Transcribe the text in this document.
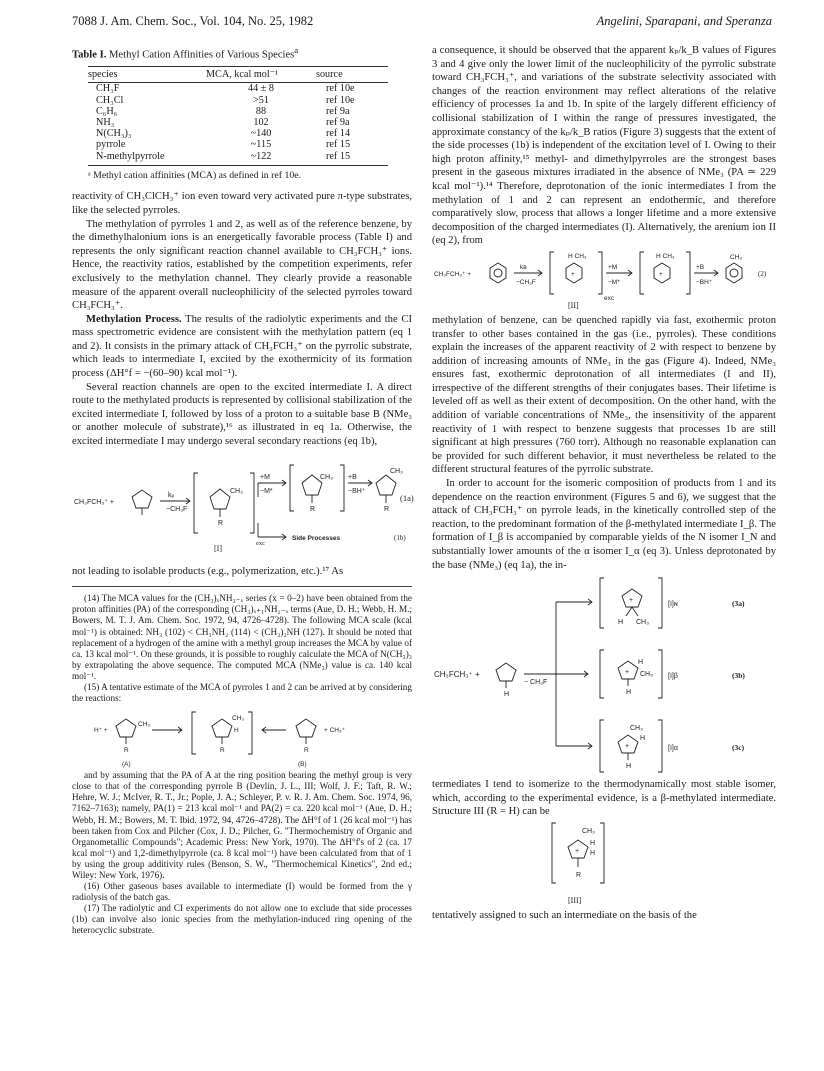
7088 J. Am. Chem. Soc., Vol. 104, No. 25, 1982	Angelini, Sparapani, and Speranza
Table I. Methyl Cation Affinities of Various Species$^a$
species	MCA, kcal mol⁻¹	source
CH₃F	44 ± 8	ref 10e
CH₃Cl	>51	ref 10e
C₆H₆	88	ref 9a
NH₃	102	ref 9a
N(CH₃)₃	~140	ref 14
pyrrole	~115	ref 15
N-methylpyrrole	~122	ref 15
ᵃ Methyl cation affinities (MCA) as defined in ref 10e.

reactivity of CH₃ClCH₃⁺ ion even toward very activated pure π-type substrates, like the selected pyrroles.

The methylation of pyrroles 1 and 2, as well as of the reference benzene, by the dimethylhalonium ions is an energetically favorable process (Table I) and represents the only significant reaction channel available to CH₃FCH₃⁺ ions. Hence, the reactivity ratios, established by the competition experiments, refer exclusively to the methylation channel. They clearly provide a reasonable measure of the apparent overall nucleophilicity of the selected pyrroles toward CH₃FCH₃⁺.

Methylation Process. The results of the radiolytic experiments and the CI mass spectrometric evidence are consistent with the methylation pattern (eq 1 and 2). It consists in the primary attack of CH₃FCH₃⁺ on the pyrrolic substrate, which leads to intermediate I, excited by the exothermicity of its formation process (ΔH°f = −(60–90) kcal mol⁻¹).

Several reaction channels are open to the excited intermediate I. A direct route to the methylated products is represented by collisional stabilization of the excited intermediate I, followed by loss of a proton to a suitable base B (NMe₃ or another molecule of substrate),¹⁶ as illustrated in eq 1a. Otherwise, the excited intermediate I may undergo several secondary reactions (eq 1b),

CH₃FCH₃⁺ +
kₚ
−CH₃F
CH₃
R
+M
−M*
CH₃ +B
−BH⁺
CH₃
R
R
(1a)
Side Processes	(1b)
[I]
exc

not leading to isolable products (e.g., polymerization, etc.).¹⁷ As

(14) The MCA values for the (CH₃)ₓNH₃₋ₓ series (x = 0–2) have been obtained from the proton affinities (PA) of the corresponding (CH₃)ₓ₊₁NH₂₋ₓ terms (Aue, D. H.; Webb, H. M.; Bowers, M. T. J. Am. Chem. Soc. 1972, 94, 4726–4728). The following MCA scale (kcal mol⁻¹) is obtained: NH₃ (102) < CH₃NH₂ (114) < (CH₃)₂NH (127). It should be noted that replacement of a hydrogen of the amine with a methyl group increases the MCA by value of ca. 13 kcal mol⁻¹. On these grounds, it is possible to roughly calculate the MCA of N(CH₃)₃ by extrapolating the above sequence. The computed MCA (NMe₃) value is ca. 140 kcal mol⁻¹.

(15) A tentative estimate of the MCA of pyrroles 1 and 2 can be arrived at by considering the reactions:

H⁺ +
CH₃
R
CH₃
H
R
+ CH₃⁺
R
(A)	(B)

and by assuming that the PA of A at the ring position bearing the methyl group is very close to that of the corresponding pyrrole B (Devlin, J. L., III; Wolf, J. F.; Taft, R. W.; Hehre, W. J.; McIver, R. T., Jr.; Pople, J. A.; Schleyer, P. v. R. J. Am. Chem. Soc. 1974, 96, 7162–7163); namely, PA(1) = 213 kcal mol⁻¹ and PA(2) = ca. 220 kcal mol⁻¹ (Aue, D. H.; Webb, H. M.; Bowers, M. T. Ibid. 1972, 94, 4726–4728). The ΔH°f of 1 (26 kcal mol⁻¹) has been taken from Cox and Pilcher (Cox, J. D.; Pilcher, G. "Thermochemistry of Organic and Organometallic Compounds"; Academic Press: New York, 1970). The ΔH°f's of 2 (ca. 17 kcal mol⁻¹) and 1,2-dimethylpyrrole (ca. 8 kcal mol⁻¹) have been calculated from that of 1 by using the group additivity rules (Benson, S. W., "Thermochemical Kinetics", 2nd ed.; Wiley: New York, 1976).

(16) Other gaseous bases available to intermediate (I) would be formed from the γ radiolysis of the batch gas.

(17) The radiolytic and CI experiments do not allow one to exclude that side processes (1b) can involve also ionic species from the methylation-induced ring opening of the heterocyclic substrate.

a consequence, it should be observed that the apparent kₚ/k_B values of Figures 3 and 4 give only the lower limit of the nucleophilicity of the pyrrolic substrate toward CH₃FCH₃⁺, and variations of the substrate selectivity associated with changes of the reaction environment may reflect alterations of the relative efficiency of processes 1a and 1b. In spite of the largely different efficiency of collisional stabilization of I within the range of pressures investigated, the approximate constancy of the kₚ/k_B ratios (Figure 3) suggests that the extent of the side processes (1b) is independent of the excitation level of I. Owing to their high proton affinity,¹⁵ methyl- and dimethylpyrroles are the strongest bases present in the gaseous mixtures irradiated in the absence of NMe₃ (PA ≃ 229 kcal mol⁻¹).¹⁴ Therefore, deprotonation of the ionic intermediates I from the methylation of 1 and 2 can represent an endothermic, and therefore comparatively slow, process that allows a longer lifetime and a more extensive decomposition of the charged intermediates (I). Alternatively, the arenium ion II (eq 2), from

CH₃FCH₃⁺ +
kв
−CH₃F
H CH₃
+
+M
−M*
H CH₃
+
+B
−BH⁺
CH₃
exc
(2)
[II]

methylation of benzene, can be quenched rapidly via fast, exothermic proton transfer to other bases contained in the gas (i.e., pyrroles). These conditions explain the increases of the apparent reactivity of 2 with respect to benzene by addition of increasing amounts of NMe₃ in the gas (Figure 4). Indeed, NMe₃ ensures fast, exothermic deprotonation of all intermediates (I and II), irrespective of the different strengths of their conjugates bases. Their lifetime is leveled off as well as their extent of decomposition. On the other hand, with the addition of variable concentrations of NMe₃, the insensitivity of the apparent reactivity of 1 with respect to benzene suggests that processes 1b are still significant at high pressures (760 torr). Although no reasonable explanation can be provided for such different behavior, it must nevertheless be related to the different structural features of the pyrrolic substrate.

In order to account for the isomeric composition of products from 1 and its dependence on the reaction environment (Figures 5 and 6), we suggest that the attack of CH₃FCH₃⁺ on pyrrole leads, in the kinetically controlled step of the reaction, to the predominant formation of the β-methylated intermediate I_β. The formation of I_β is accompanied by comparable yields of the N isomer I_N and substantially lower amounts of the α isomer I_α (eq 3). Unless deprotonated by the base (NMe₃) (eq 1a), the in-

+
H CH₃
+
H
CH₃
H
CH₃
H
+
H
H
[I]ɴ
[I]β
[I]α
CH₃FCH₃⁺ +
− CH₃F
(3a)
(3b)
(3c)

termediates I tend to isomerize to the thermodynamically most stable isomer, which, according to the experimental evidence, is a β-methylated intermediate. Structure III (R = H) can be

CH₃
H
H
+
R
[III]

tentatively assigned to such an intermediate on the basis of the
